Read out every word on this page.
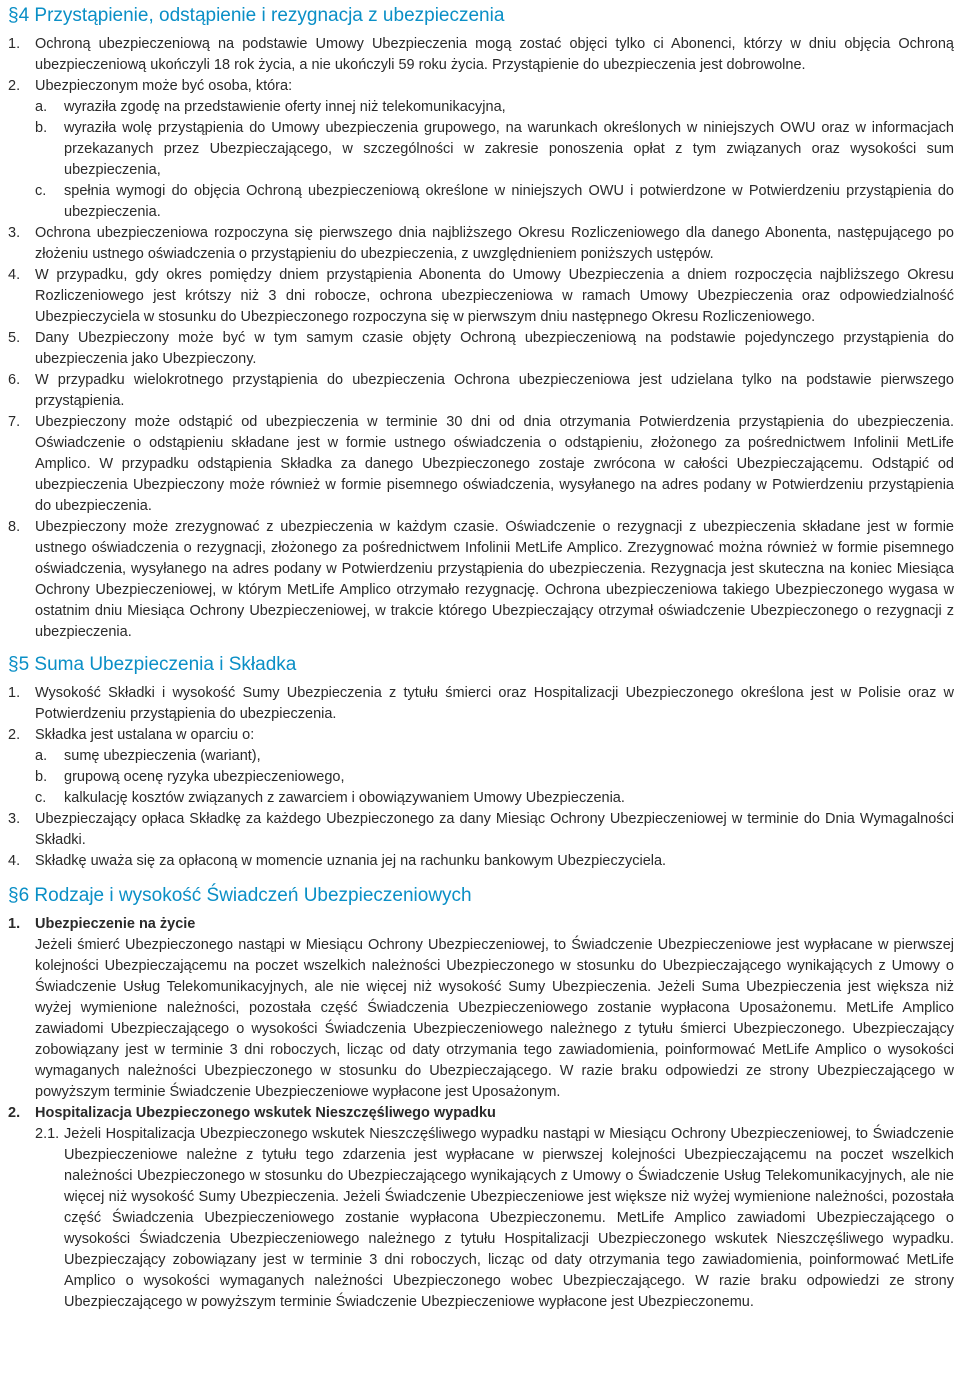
§4 Przystąpienie, odstąpienie i rezygnacja z ubezpieczenia
1.	Ochroną ubezpieczeniową na podstawie Umowy Ubezpieczenia mogą zostać objęci tylko ci Abonenci, którzy w dniu objęcia Ochroną ubezpieczeniową ukończyli 18 rok życia, a nie ukończyli 59 roku życia. Przystąpienie do ubezpieczenia jest dobrowolne.
2.	Ubezpieczonym może być osoba, która:
a.	wyraziła zgodę na przedstawienie oferty innej niż telekomunikacyjna,
b.	wyraziła wolę przystąpienia do Umowy ubezpieczenia grupowego, na warunkach określonych w niniejszych OWU oraz w informacjach przekazanych przez Ubezpieczającego, w szczególności w zakresie ponoszenia opłat z tym związanych oraz wysokości sum ubezpieczenia,
c.	spełnia wymogi do objęcia Ochroną ubezpieczeniową określone w niniejszych OWU i potwierdzone w Potwierdzeniu przystąpienia do ubezpieczenia.
3.	Ochrona ubezpieczeniowa rozpoczyna się pierwszego dnia najbliższego Okresu Rozliczeniowego dla danego Abonenta, następującego po złożeniu ustnego oświadczenia o przystąpieniu do ubezpieczenia, z uwzględnieniem poniższych ustępów.
4.	W przypadku, gdy okres pomiędzy dniem przystąpienia Abonenta do Umowy Ubezpieczenia a dniem rozpoczęcia najbliższego Okresu Rozliczeniowego jest krótszy niż 3 dni robocze, ochrona ubezpieczeniowa w ramach Umowy Ubezpieczenia oraz odpowiedzialność Ubezpieczyciela w stosunku do Ubezpieczonego rozpoczyna się w pierwszym dniu następnego Okresu Rozliczeniowego.
5.	Dany Ubezpieczony może być w tym samym czasie objęty Ochroną ubezpieczeniową na podstawie pojedynczego przystąpienia do ubezpieczenia jako Ubezpieczony.
6.	W przypadku wielokrotnego przystąpienia do ubezpieczenia Ochrona ubezpieczeniowa jest udzielana tylko na podstawie pierwszego przystąpienia.
7.	Ubezpieczony może odstąpić od ubezpieczenia w terminie 30 dni od dnia otrzymania Potwierdzenia przystąpienia do ubezpieczenia. Oświadczenie o odstąpieniu składane jest w formie ustnego oświadczenia o odstąpieniu, złożonego za pośrednictwem Infolinii MetLife Amplico. W przypadku odstąpienia Składka za danego Ubezpieczonego zostaje zwrócona w całości Ubezpieczającemu. Odstąpić od ubezpieczenia Ubezpieczony może również w formie pisemnego oświadczenia, wysyłanego na adres podany w Potwierdzeniu przystąpienia do ubezpieczenia.
8.	Ubezpieczony może zrezygnować z ubezpieczenia w każdym czasie. Oświadczenie o rezygnacji z ubezpieczenia składane jest w formie ustnego oświadczenia o rezygnacji, złożonego za pośrednictwem Infolinii MetLife Amplico. Zrezygnować można również w formie pisemnego oświadczenia, wysyłanego na adres podany w Potwierdzeniu przystąpienia do ubezpieczenia. Rezygnacja jest skuteczna na koniec Miesiąca Ochrony Ubezpieczeniowej, w którym MetLife Amplico otrzymało rezygnację. Ochrona ubezpieczeniowa takiego Ubezpieczonego wygasa w ostatnim dniu Miesiąca Ochrony Ubezpieczeniowej, w trakcie którego Ubezpieczający otrzymał oświadczenie Ubezpieczonego o rezygnacji z ubezpieczenia.
§5 Suma Ubezpieczenia i Składka
1.	Wysokość Składki i wysokość Sumy Ubezpieczenia z tytułu śmierci oraz Hospitalizacji Ubezpieczonego określona jest w Polisie oraz w Potwierdzeniu przystąpienia do ubezpieczenia.
2.	Składka jest ustalana w oparciu o:
a.	sumę ubezpieczenia (wariant),
b.	grupową ocenę ryzyka ubezpieczeniowego,
c.	kalkulację kosztów związanych z zawarciem i obowiązywaniem Umowy Ubezpieczenia.
3.	Ubezpieczający opłaca Składkę za każdego Ubezpieczonego za dany Miesiąc Ochrony Ubezpieczeniowej w terminie do Dnia Wymagalności Składki.
4.	Składkę uważa się za opłaconą w momencie uznania jej na rachunku bankowym Ubezpieczyciela.
§6 Rodzaje i wysokość Świadczeń Ubezpieczeniowych
1.	Ubezpieczenie na życie
Jeżeli śmierć Ubezpieczonego nastąpi w Miesiącu Ochrony Ubezpieczeniowej, to Świadczenie Ubezpieczeniowe jest wypłacane w pierwszej kolejności Ubezpieczającemu na poczet wszelkich należności Ubezpieczonego w stosunku do Ubezpieczającego wynikających z Umowy o Świadczenie Usług Telekomunikacyjnych, ale nie więcej niż wysokość Sumy Ubezpieczenia. Jeżeli Suma Ubezpieczenia jest większa niż wyżej wymienione należności, pozostała część Świadczenia Ubezpieczeniowego zostanie wypłacona Uposażonemu. MetLife Amplico zawiadomi Ubezpieczającego o wysokości Świadczenia Ubezpieczeniowego należnego z tytułu śmierci Ubezpieczonego. Ubezpieczający zobowiązany jest w terminie 3 dni roboczych, licząc od daty otrzymania tego zawiadomienia, poinformować MetLife Amplico o wysokości wymaganych należności Ubezpieczonego w stosunku do Ubezpieczającego. W razie braku odpowiedzi ze strony Ubezpieczającego w powyższym terminie Świadczenie Ubezpieczeniowe wypłacone jest Uposażonym.
2.	Hospitalizacja Ubezpieczonego wskutek Nieszczęśliwego wypadku
2.1. Jeżeli Hospitalizacja Ubezpieczonego wskutek Nieszczęśliwego wypadku nastąpi w Miesiącu Ochrony Ubezpieczeniowej, to Świadczenie Ubezpieczeniowe należne z tytułu tego zdarzenia jest wypłacane w pierwszej kolejności Ubezpieczającemu na poczet wszelkich należności Ubezpieczonego w stosunku do Ubezpieczającego wynikających z Umowy o Świadczenie Usług Telekomunikacyjnych, ale nie więcej niż wysokość Sumy Ubezpieczenia. Jeżeli Świadczenie Ubezpieczeniowe jest większe niż wyżej wymienione należności, pozostała część Świadczenia Ubezpieczeniowego zostanie wypłacona Ubezpieczonemu. MetLife Amplico zawiadomi Ubezpieczającego o wysokości Świadczenia Ubezpieczeniowego należnego z tytułu Hospitalizacji Ubezpieczonego wskutek Nieszczęśliwego wypadku. Ubezpieczający zobowiązany jest w terminie 3 dni roboczych, licząc od daty otrzymania tego zawiadomienia, poinformować MetLife Amplico o wysokości wymaganych należności Ubezpieczonego wobec Ubezpieczającego. W razie braku odpowiedzi ze strony Ubezpieczającego w powyższym terminie Świadczenie Ubezpieczeniowe wypłacone jest Ubezpieczonemu.
